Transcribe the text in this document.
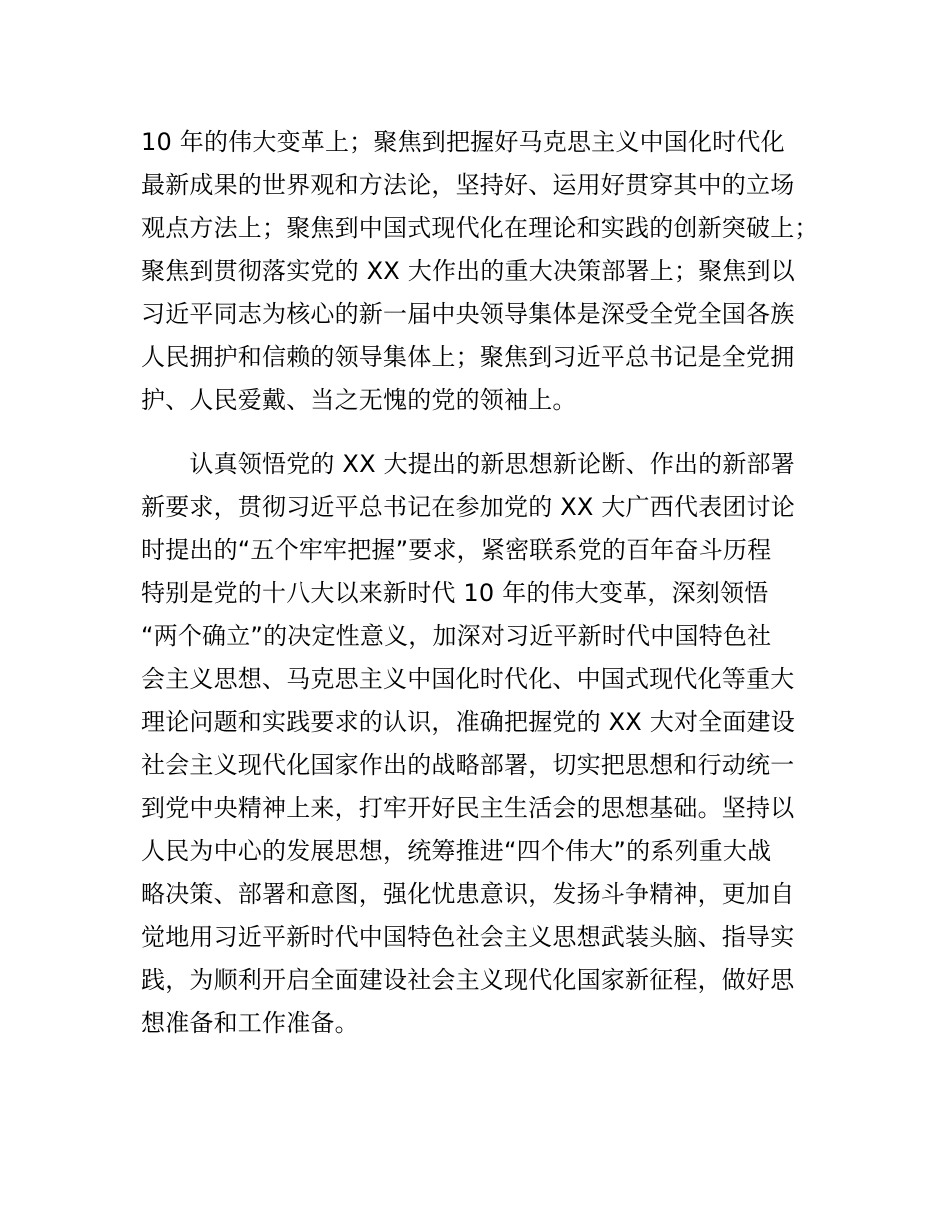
10 年的伟大变革上；聚焦到把握好马克思主义中国化时代化
最新成果的世界观和方法论，坚持好、运用好贯穿其中的立场
观点方法上；聚焦到中国式现代化在理论和实践的创新突破上；
聚焦到贯彻落实党的 XX 大作出的重大决策部署上；聚焦到以
习近平同志为核心的新一届中央领导集体是深受全党全国各族
人民拥护和信赖的领导集体上；聚焦到习近平总书记是全党拥
护、人民爱戴、当之无愧的党的领袖上。
　　认真领悟党的 XX 大提出的新思想新论断、作出的新部署
新要求，贯彻习近平总书记在参加党的 XX 大广西代表团讨论
时提出的“五个牢牢把握”要求，紧密联系党的百年奋斗历程
特别是党的十八大以来新时代 10 年的伟大变革，深刻领悟
“两个确立”的决定性意义，加深对习近平新时代中国特色社
会主义思想、马克思主义中国化时代化、中国式现代化等重大
理论问题和实践要求的认识，准确把握党的 XX 大对全面建设
社会主义现代化国家作出的战略部署，切实把思想和行动统一
到党中央精神上来，打牢开好民主生活会的思想基础。坚持以
人民为中心的发展思想，统筹推进“四个伟大”的系列重大战
略决策、部署和意图，强化忧患意识，发扬斗争精神，更加自
觉地用习近平新时代中国特色社会主义思想武装头脑、指导实
践，为顺利开启全面建设社会主义现代化国家新征程，做好思
想准备和工作准备。
